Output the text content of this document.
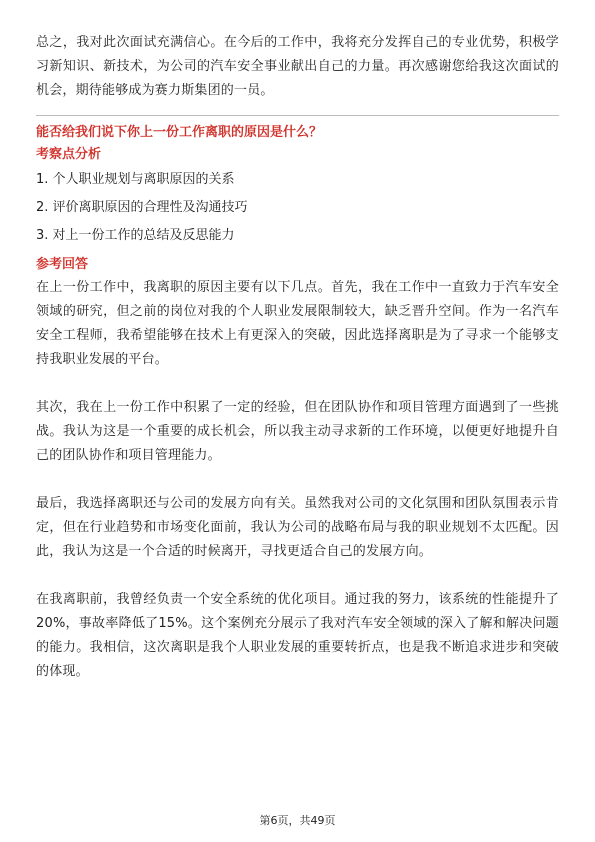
总之，我对此次面试充满信心。在今后的工作中，我将充分发挥自己的专业优势，积极学习新知识、新技术，为公司的汽车安全事业献出自己的力量。再次感谢您给我这次面试的机会，期待能够成为赛力斯集团的一员。

能否给我们说下你上一份工作离职的原因是什么？

考察点分析

1. 个人职业规划与离职原因的关系
2. 评价离职原因的合理性及沟通技巧
3. 对上一份工作的总结及反思能力

参考回答

在上一份工作中，我离职的原因主要有以下几点。首先，我在工作中一直致力于汽车安全领域的研究，但之前的岗位对我的个人职业发展限制较大，缺乏晋升空间。作为一名汽车安全工程师，我希望能够在技术上有更深入的突破，因此选择离职是为了寻求一个能够支持我职业发展的平台。

其次，我在上一份工作中积累了一定的经验，但在团队协作和项目管理方面遇到了一些挑战。我认为这是一个重要的成长机会，所以我主动寻求新的工作环境，以便更好地提升自己的团队协作和项目管理能力。

最后，我选择离职还与公司的发展方向有关。虽然我对公司的文化氛围和团队氛围表示肯定，但在行业趋势和市场变化面前，我认为公司的战略布局与我的职业规划不太匹配。因此，我认为这是一个合适的时候离开，寻找更适合自己的发展方向。

在我离职前，我曾经负责一个安全系统的优化项目。通过我的努力，该系统的性能提升了20%，事故率降低了15%。这个案例充分展示了我对汽车安全领域的深入了解和解决问题的能力。我相信，这次离职是我个人职业发展的重要转折点，也是我不断追求进步和突破的体现。

第6页，共49页
